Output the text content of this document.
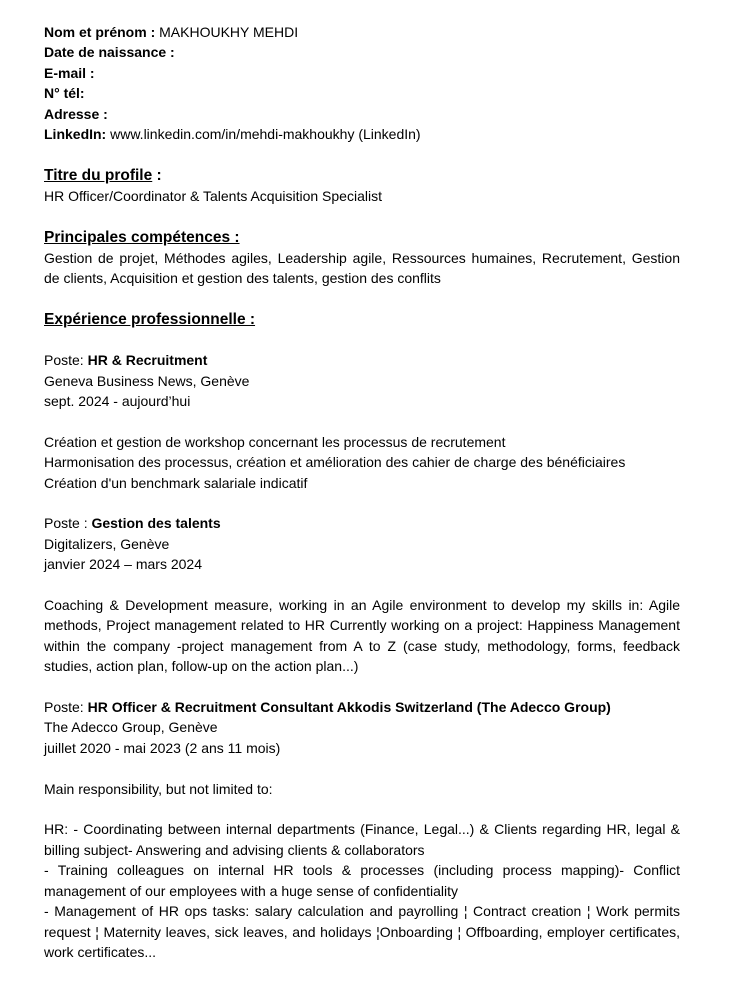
Nom et prénom : MAKHOUKHY MEHDI
Date de naissance :
E-mail :
N° tél:
Adresse :
LinkedIn: www.linkedin.com/in/mehdi-makhoukhy (LinkedIn)
Titre du profile :
HR Officer/Coordinator & Talents Acquisition Specialist
Principales compétences :
Gestion de projet, Méthodes agiles, Leadership agile, Ressources humaines, Recrutement, Gestion de clients, Acquisition et gestion des talents, gestion des conflits
Expérience professionnelle :
Poste: HR & Recruitment
Geneva Business News, Genève
sept. 2024 - aujourd’hui
Création et gestion de workshop concernant les processus de recrutement
Harmonisation des processus, création et amélioration des cahier de charge des bénéficiaires
Création d'un benchmark salariale indicatif
Poste : Gestion des talents
Digitalizers, Genève
janvier 2024 – mars 2024
Coaching & Development measure, working in an Agile environment to develop my skills in: Agile methods, Project management related to HR Currently working on a project: Happiness Management within the company -project management from A to Z (case study, methodology, forms, feedback studies, action plan, follow-up on the action plan...)
Poste: HR Officer & Recruitment Consultant Akkodis Switzerland (The Adecco Group)
The Adecco Group, Genève
juillet 2020 - mai 2023 (2 ans 11 mois)
Main responsibility, but not limited to:
HR: - Coordinating between internal departments (Finance, Legal...) & Clients regarding HR, legal & billing subject- Answering and advising clients & collaborators
- Training colleagues on internal HR tools & processes (including process mapping)- Conflict management of our employees with a huge sense of confidentiality
- Management of HR ops tasks: salary calculation and payrolling ¦ Contract creation ¦ Work permits request ¦ Maternity leaves, sick leaves, and holidays ¦Onboarding ¦ Offboarding, employer certificates, work certificates...
